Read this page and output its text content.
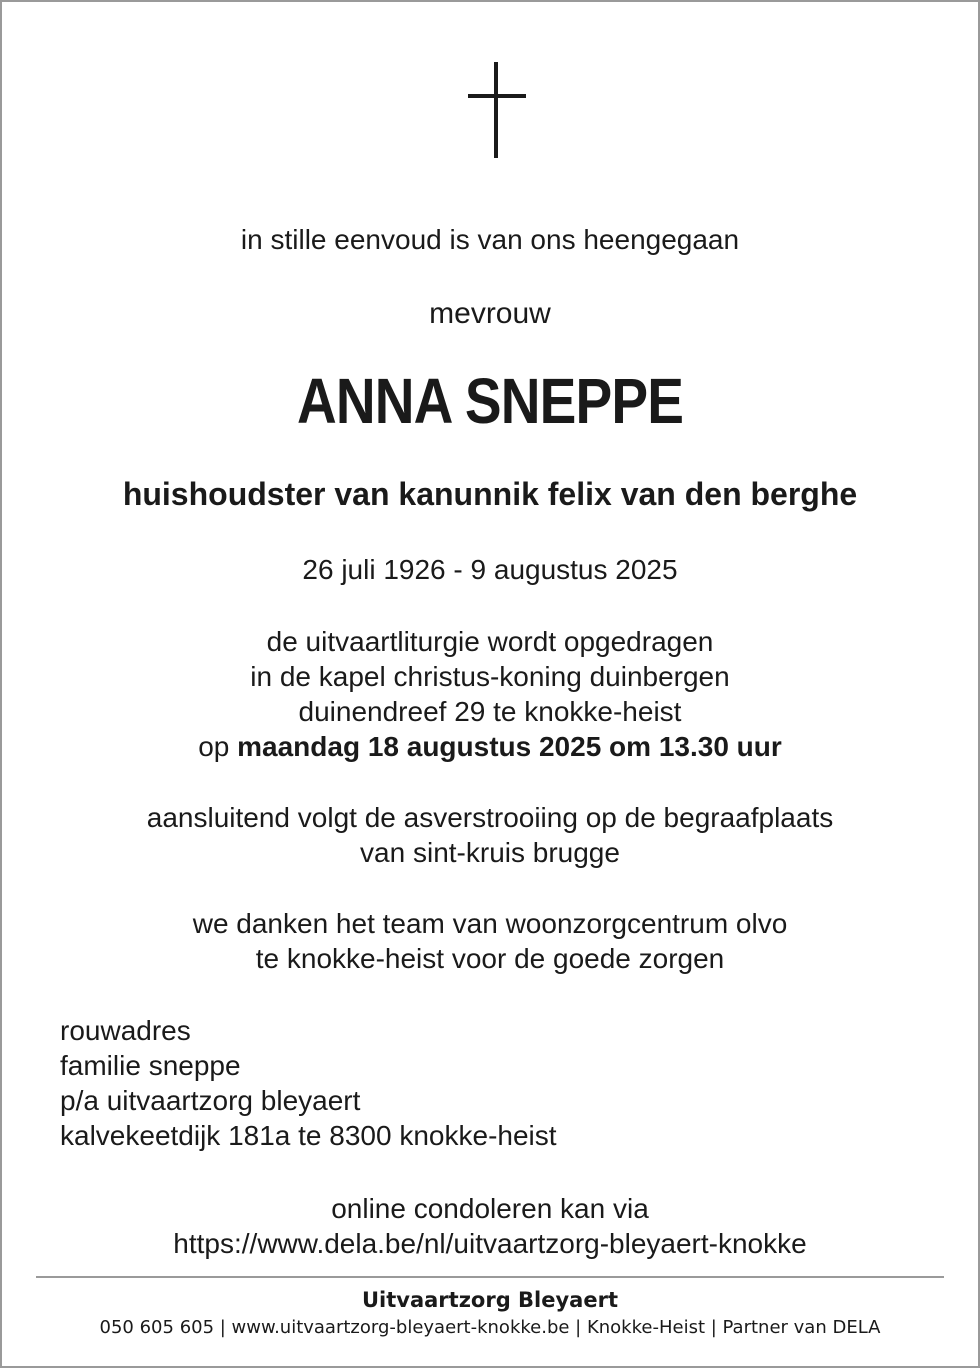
in stille eenvoud is van ons heengegaan
mevrouw
ANNA SNEPPE
huishoudster van kanunnik felix van den berghe
26 juli 1926 - 9 augustus 2025
de uitvaartliturgie wordt opgedragen
in de kapel christus-koning duinbergen
duinendreef 29 te knokke-heist
op maandag 18 augustus 2025 om 13.30 uur
aansluitend volgt de asverstrooiing op de begraafplaats
van sint-kruis brugge
we danken het team van woonzorgcentrum olvo
te knokke-heist voor de goede zorgen
rouwadres
familie sneppe
p/a uitvaartzorg bleyaert
kalvekeetdijk 181a te 8300 knokke-heist
online condoleren kan via
https://www.dela.be/nl/uitvaartzorg-bleyaert-knokke
Uitvaartzorg Bleyaert
050 605 605 | www.uitvaartzorg-bleyaert-knokke.be | Knokke-Heist | Partner van DELA
